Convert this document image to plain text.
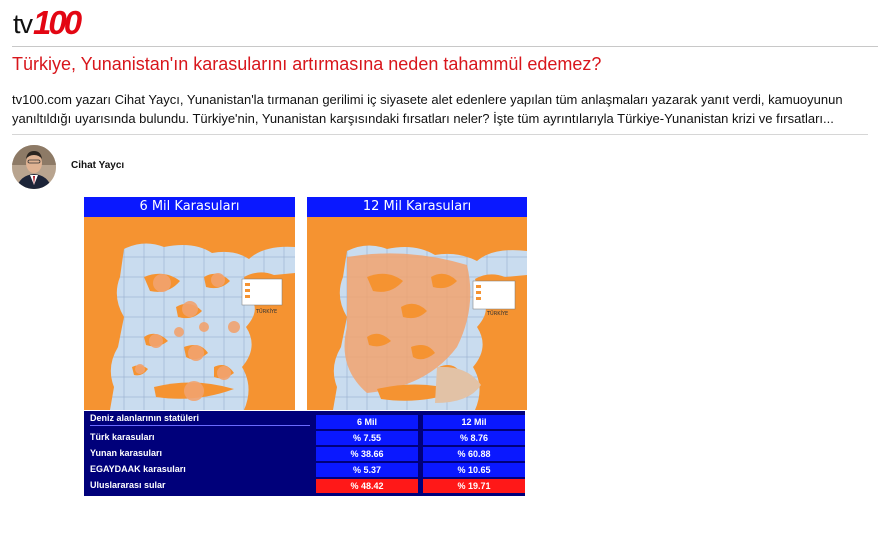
tv 100
Türkiye, Yunanistan'ın karasularını artırmasına neden tahammül edemez?

tv100.com yazarı Cihat Yaycı, Yunanistan'la tırmanan gerilimi iç siyasete alet edenlere yapılan tüm anlaşmaları yazarak yanıt verdi, kamuoyunun yanıltıldığı uyarısında bulundu. Türkiye'nin, Yunanistan karşısındaki fırsatları neler? İşte tüm ayrıntılarıyla Türkiye-Yunanistan krizi ve fırsatları...

Cihat Yaycı
6 Mil Karasuları
TÜRKİYE
12 Mil Karasuları
TÜRKİYE
Deniz alanlarının statüleri	6 Mil	12 Mil
Türk karasuları	% 7.55	% 8.76
Yunan karasuları	% 38.66	% 60.88
EGAYDAAK karasuları	% 5.37	% 10.65
Uluslararası sular	% 48.42	% 19.71
